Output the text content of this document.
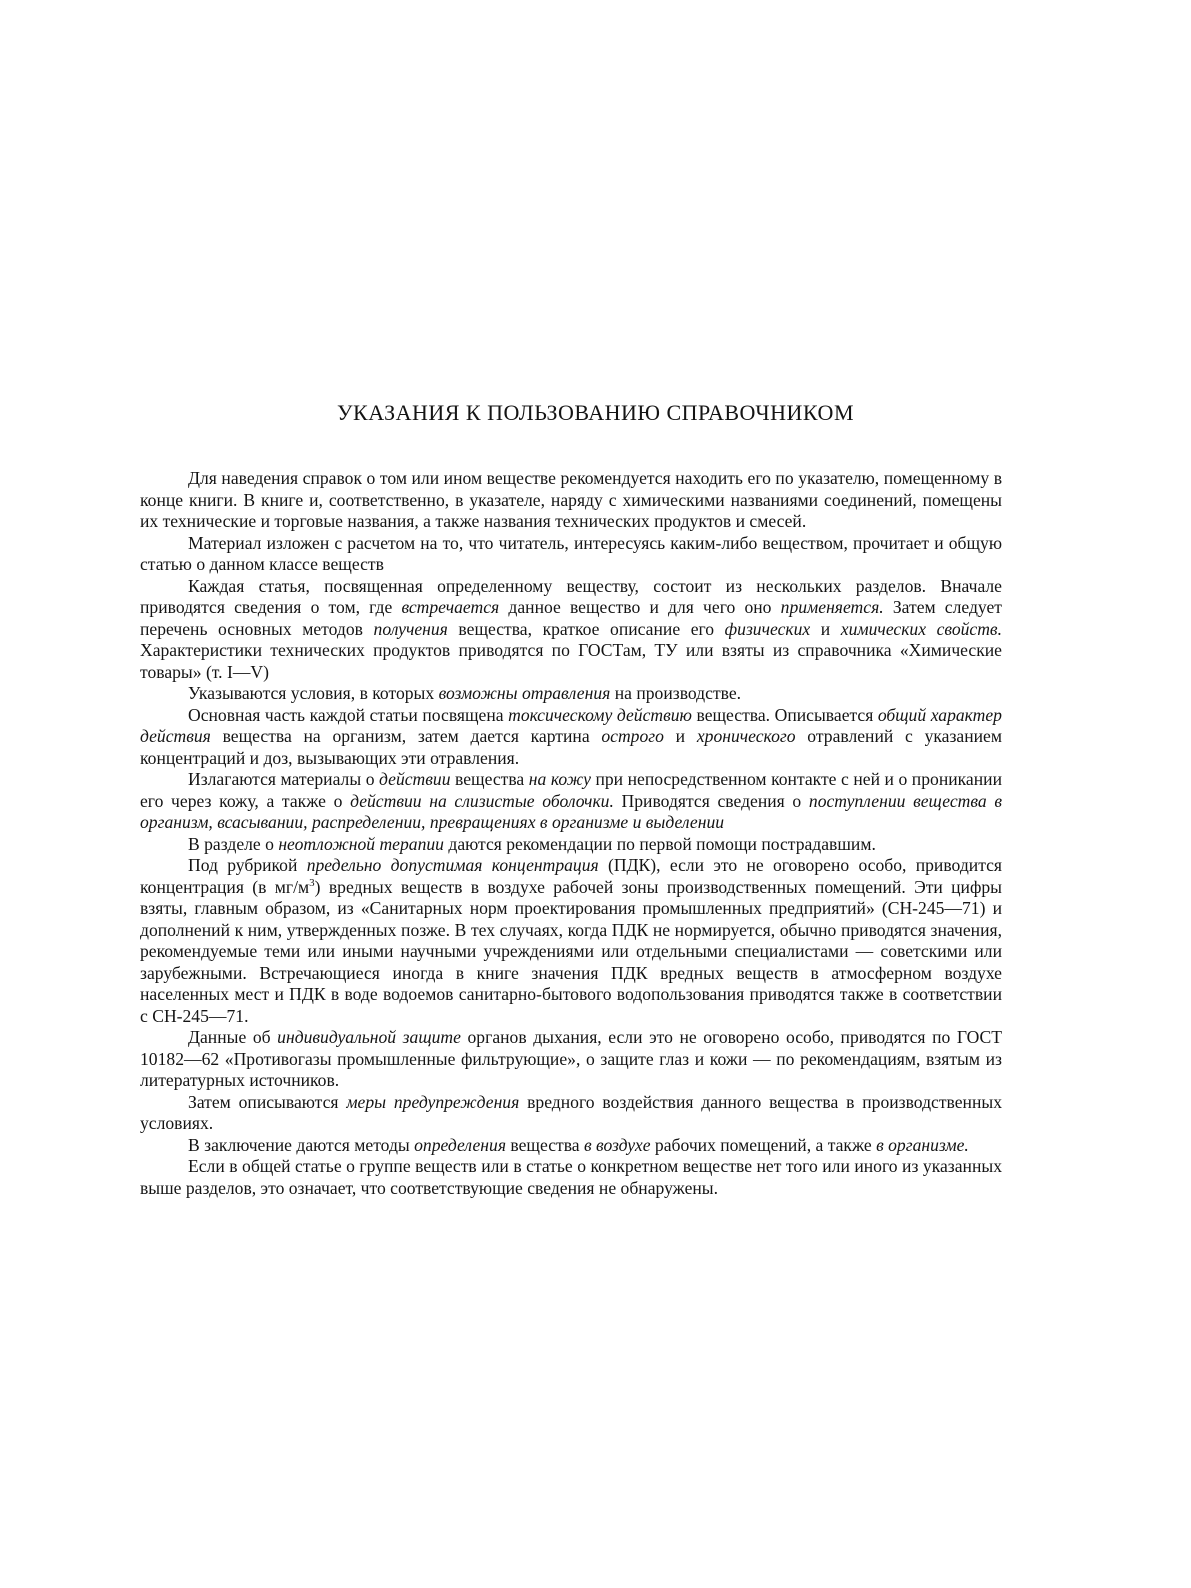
УКАЗАНИЯ К ПОЛЬЗОВАНИЮ СПРАВОЧНИКОМ

Для наведения справок о том или ином веществе рекомендуется находить его по указателю, помещенному в конце книги. В книге и, соответственно, в указателе, наряду с химическими названиями соединений, помещены их технические и торговые названия, а также названия технических продуктов и смесей.

Материал изложен с расчетом на то, что читатель, интересуясь каким-либо веществом, прочитает и общую статью о данном классе веществ

Каждая статья, посвященная определенному веществу, состоит из нескольких разделов. Вначале приводятся сведения о том, где встречается данное вещество и для чего оно применяется. Затем следует перечень основных методов получения вещества, краткое описание его физических и химических свойств. Характеристики технических продуктов приводятся по ГОСТам, ТУ или взяты из справочника «Химические товары» (т. I—V)

Указываются условия, в которых возможны отравления на производстве.

Основная часть каждой статьи посвящена токсическому действию вещества. Описывается общий характер действия вещества на организм, затем дается картина острого и хронического отравлений с указанием концентраций и доз, вызывающих эти отравления.

Излагаются материалы о действии вещества на кожу при непосредственном контакте с ней и о проникании его через кожу, а также о действии на слизистые оболочки. Приводятся сведения о поступлении вещества в организм, всасывании, распределении, превращениях в организме и выделении

В разделе о неотложной терапии даются рекомендации по первой помощи пострадавшим.

Под рубрикой предельно допустимая концентрация (ПДК), если это не оговорено особо, приводится концентрация (в $мг/м^3$) вредных веществ в воздухе рабочей зоны производственных помещений. Эти цифры взяты, главным образом, из «Санитарных норм проектирования промышленных предприятий» (СН-245—71) и дополнений к ним, утвержденных позже. В тех случаях, когда ПДК не нормируется, обычно приводятся значения, рекомендуемые теми или иными научными учреждениями или отдельными специалистами — советскими или зарубежными. Встречающиеся иногда в книге значения ПДК вредных веществ в атмосферном воздухе населенных мест и ПДК в воде водоемов санитарно-бытового водопользования приводятся также в соответствии с СН-245—71.

Данные об индивидуальной защите органов дыхания, если это не оговорено особо, приводятся по ГОСТ 10182—62 «Противогазы промышленные фильтрующие», о защите глаз и кожи — по рекомендациям, взятым из литературных источников.

Затем описываются меры предупреждения вредного воздействия данного вещества в производственных условиях.

В заключение даются методы определения вещества в воздухе рабочих помещений, а также в организме.

Если в общей статье о группе веществ или в статье о конкретном веществе нет того или иного из указанных выше разделов, это означает, что соответствующие сведения не обнаружены.
